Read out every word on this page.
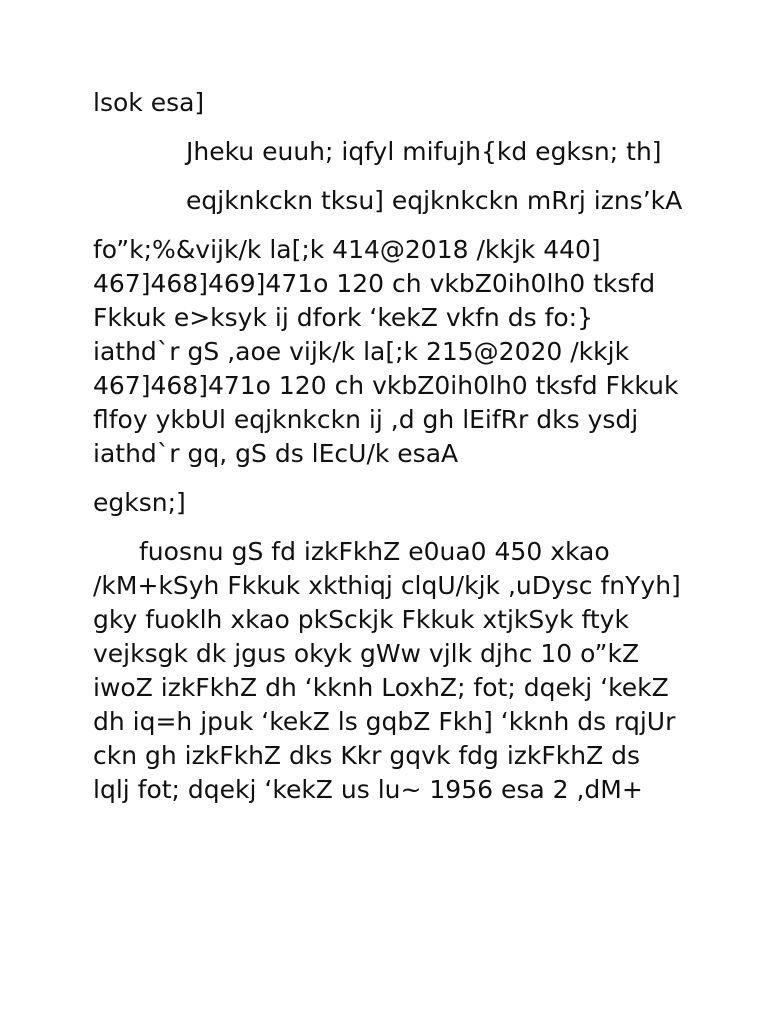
lsok esa]

Jheku euuh; iqfyl mifujh{kd egksn; th]

eqjknkckn tksu] eqjknkckn mRrj izns’kA

fo”k;%&vijk/k la[;k 414@2018 /kkjk 440] 467]468]469]471o 120 ch vkbZ0ih0lh0 tksfd Fkkuk e>ksyk ij dfork ‘kekZ vkfn ds fo:} iathd`r gS ,aoe vijk/k la[;k 215@2020 /kkjk 467]468]471o 120 ch vkbZ0ih0lh0 tksfd Fkkuk flfoy ykbUl eqjknkckn ij ,d gh lEifRr dks ysdj iathd`r gq, gS ds lEcU/k esaA

egksn;]

fuosnu gS fd izkFkhZ e0ua0 450 xkao /kM+kSyh Fkkuk xkthiqj clqU/kjk ,uDysc fnYyh] gky fuoklh xkao pkSckjk Fkkuk xtjkSyk ftyk vejksgk dk jgus okyk gWw vjlk djhc 10 o”kZ iwoZ izkFkhZ dh ‘kknh LoxhZ; fot; dqekj ‘kekZ dh iq=h jpuk ‘kekZ ls gqbZ Fkh] ‘kknh ds rqjUr ckn gh izkFkhZ dks Kkr gqvk fdg izkFkhZ ds lqlj fot; dqekj ‘kekZ us lu~ 1956 esa 2 ,dM+
